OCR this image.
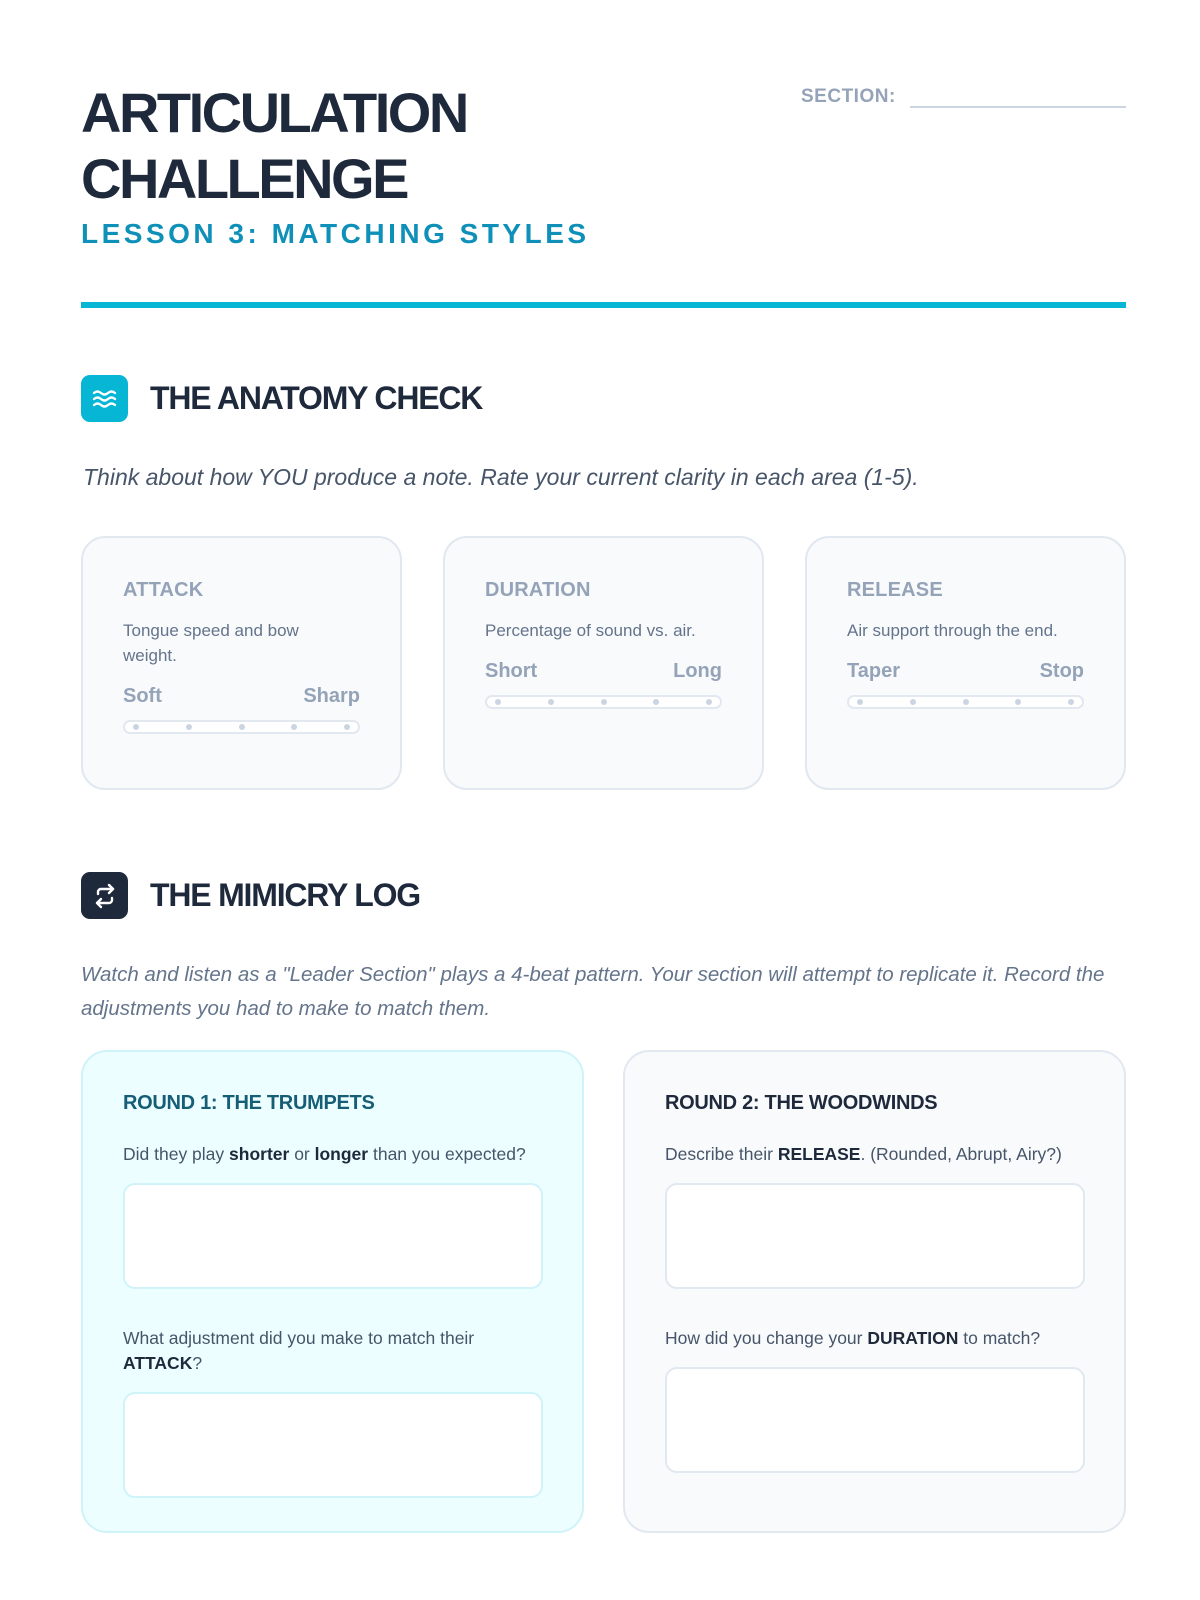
ARTICULATION
CHALLENGE
LESSON 3: MATCHING STYLES
SECTION:
THE ANATOMY CHECK

Think about how YOU produce a note. Rate your current clarity in each area (1-5).

ATTACK
Tongue speed and bow weight.
Soft	Sharp
DURATION
Percentage of sound vs. air.
Short	Long
RELEASE
Air support through the end.
Taper	Stop
THE MIMICRY LOG

Watch and listen as a "Leader Section" plays a 4-beat pattern. Your section will attempt to replicate it. Record the adjustments you had to make to match them.

ROUND 1: THE TRUMPETS

Did they play shorter or longer than you expected?

What adjustment did you make to match their ATTACK?

ROUND 2: THE WOODWINDS

Describe their RELEASE. (Rounded, Abrupt, Airy?)

How did you change your DURATION to match?
